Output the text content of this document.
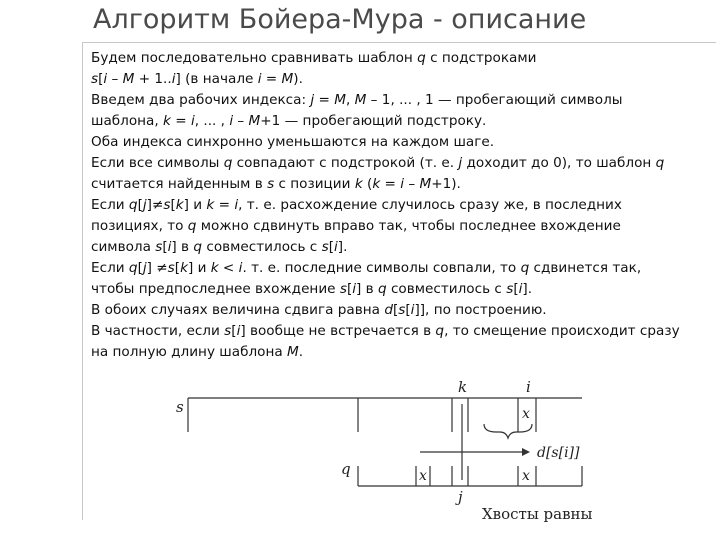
Алгоритм Бойера-Мура - описание

Будем последовательно сравнивать шаблон q с подстроками

s[i – M + 1..i] (в начале i = M).

Введем два рабочих индекса: j = M, M – 1, ... , 1 — пробегающий символы

шаблона, k = i, ... , i – M+1 — пробегающий подстроку.

Оба индекса синхронно уменьшаются на каждом шаге.

Если все символы q совпадают с подстрокой (т. е. j доходит до 0), то шаблон q

считается найденным в s с позиции k (k = i – M+1).

Если q[j]≠s[k] и k = i, т. е. расхождение случилось сразу же, в последних

позициях, то q можно сдвинуть вправо так, чтобы последнее вхождение

символа s[i] в q совместилось с s[i].

Если q[j] ≠s[k] и k < i. т. е. последние символы совпали, то q сдвинется так,

чтобы предпоследнее вхождение s[i] в q совместилось с s[i].

В обоих случаях величина сдвига равна d[s[i]], по построению.

В частности, если s[i] вообще не встречается в q, то смещение происходит сразу

на полную длину шаблона M.

s
q
k	i
j
x
x
x
d[s[i]]
Хвосты равны
